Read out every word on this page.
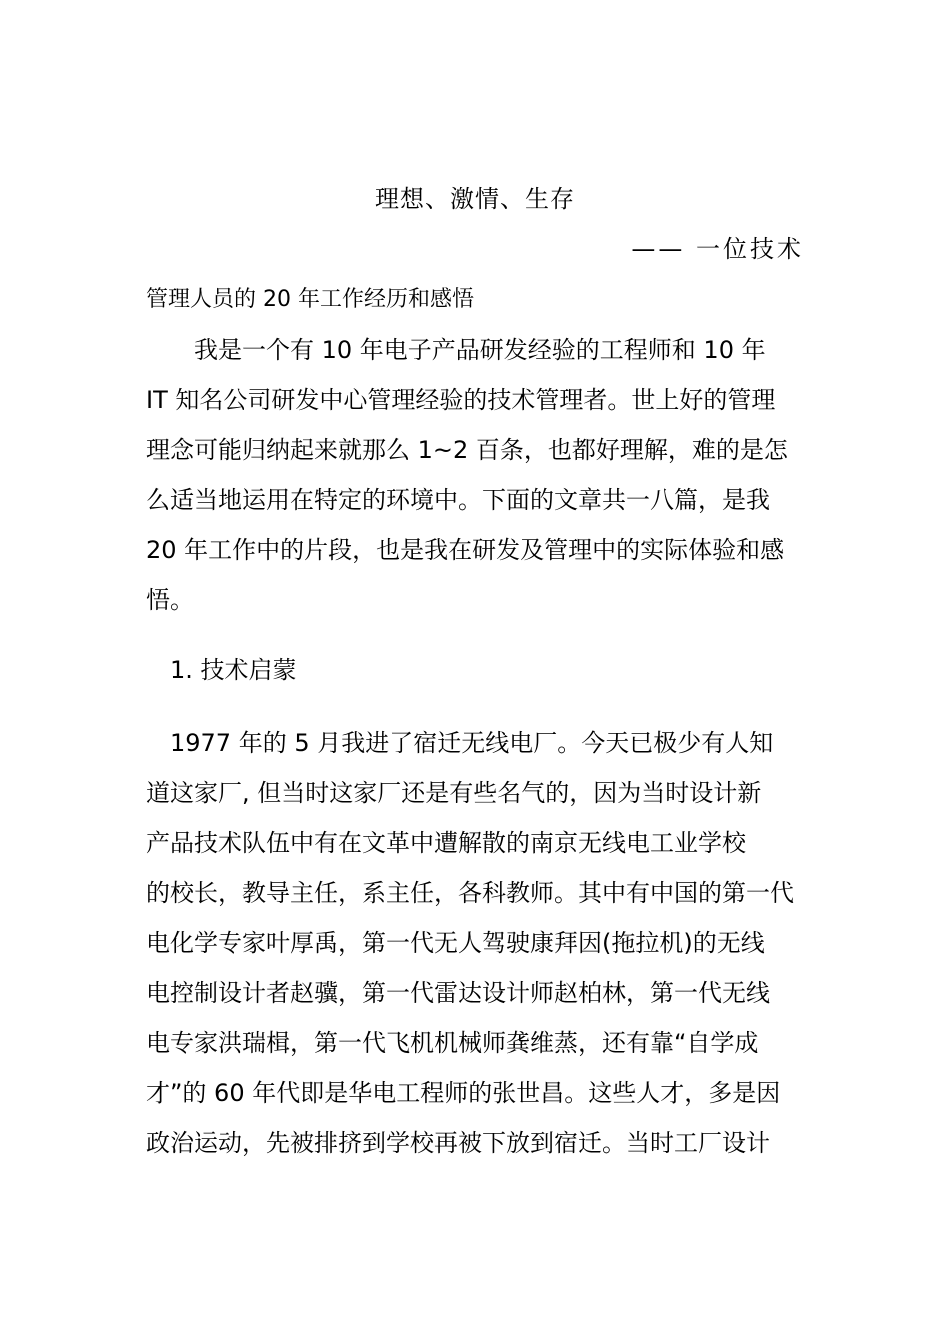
理想、激情、生存
—— 一位技术
管理人员的 20 年工作经历和感悟
　　我是一个有 10 年电子产品研发经验的工程师和 10 年
IT 知名公司研发中心管理经验的技术管理者。世上好的管理
理念可能归纳起来就那么 1~2 百条，也都好理解，难的是怎
么适当地运用在特定的环境中。下面的文章共一八篇，是我
20 年工作中的片段，也是我在研发及管理中的实际体验和感
悟。
1. 技术启蒙
　1977 年的 5 月我进了宿迁无线电厂。今天已极少有人知
道这家厂, 但当时这家厂还是有些名气的，因为当时设计新
产品技术队伍中有在文革中遭解散的南京无线电工业学校
的校长，教导主任，系主任，各科教师。其中有中国的第一代
电化学专家叶厚禹，第一代无人驾驶康拜因(拖拉机)的无线
电控制设计者赵骥，第一代雷达设计师赵柏林，第一代无线
电专家洪瑞楫，第一代飞机机械师龚维蒸，还有靠“自学成
才”的 60 年代即是华电工程师的张世昌。这些人才，多是因
政治运动，先被排挤到学校再被下放到宿迁。当时工厂设计
